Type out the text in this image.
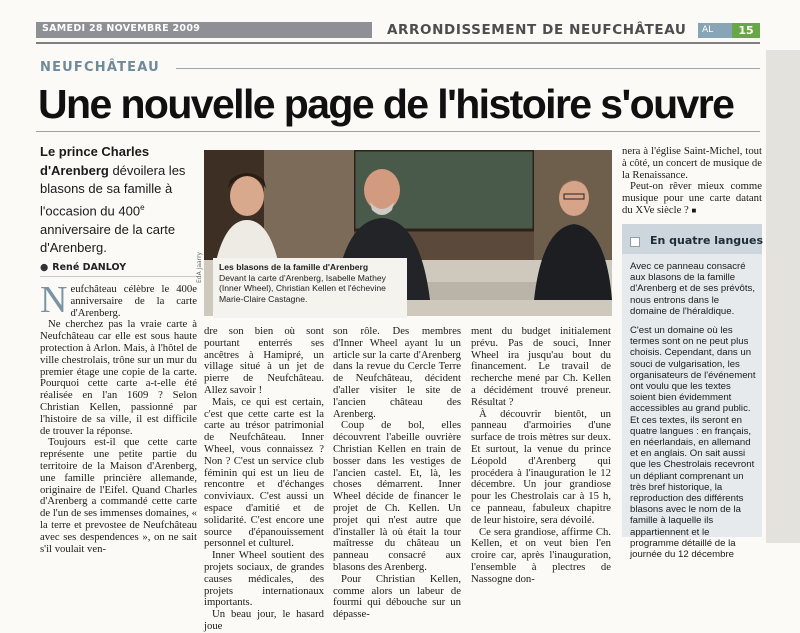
SAMEDI 28 NOVEMBRE 2009	ARRONDISSEMENT DE NEUFCHÂTEAU	AL	15
NEUFCHÂTEAU
Une nouvelle page de l'histoire s'ouvre
Le prince Charles d'Arenberg dévoilera les blasons de sa famille à l'occasion du 400e anniversaire de la carte d'Arenberg.
● René DANLOY	Les blasons de la famille d'Arenberg
Devant la carte d'Arenberg, Isabelle Mathey (Inner Wheel), Christian Kellen et l'échevine Marie-Claire Castagne.
EdA Jaarry

Neufchâteau célèbre le 400e anniversaire de la carte d'Arenberg.

Ne cherchez pas la vraie carte à Neufchâteau car elle est sous haute protection à Arlon. Mais, à l'hôtel de ville chestrolais, trône sur un mur du premier étage une copie de la carte. Pourquoi cette carte a-t-elle été réalisée en l'an 1609 ? Selon Christian Kellen, passionné par l'histoire de sa ville, il est difficile de trouver la réponse.

Toujours est-il que cette carte représente une petite partie du territoire de la Maison d'Arenberg, une famille princière allemande, originaire de l'Eifel. Quand Charles d'Arenberg a commandé cette carte de l'un de ses immenses domaines, « la terre et prevostee de Neufchâteau avec ses despendences », on ne sait s'il voulait ven-

dre son bien où sont pourtant enterrés ses ancêtres à Hamipré, un village situé à un jet de pierre de Neufchâteau. Allez savoir !

Mais, ce qui est certain, c'est que cette carte est la carte au trésor patrimonial de Neufchâteau. Inner Wheel, vous connaissez ? Non ? C'est un service club féminin qui est un lieu de rencontre et d'échanges conviviaux. C'est aussi un espace d'amitié et de solidarité. C'est encore une source d'épanouissement personnel et culturel.

Inner Wheel soutient des projets sociaux, de grandes causes médicales, des projets internationaux importants.

Un beau jour, le hasard joue

son rôle. Des membres d'Inner Wheel ayant lu un article sur la carte d'Arenberg dans la revue du Cercle Terre de Neufchâteau, décident d'aller visiter le site de l'ancien château des Arenberg.

Coup de bol, elles découvrent l'abeille ouvrière Christian Kellen en train de bosser dans les vestiges de l'ancien castel. Et, là, les choses démarrent. Inner Wheel décide de financer le projet de Ch. Kellen. Un projet qui n'est autre que d'installer là où était la tour maîtresse du château un panneau consacré aux blasons des Arenberg.

Pour Christian Kellen, comme alors un labeur de fourmi qui débouche sur un dépasse-

ment du budget initialement prévu. Pas de souci, Inner Wheel ira jusqu'au bout du financement. Le travail de recherche mené par Ch. Kellen a décidément trouvé preneur. Résultat ?

À découvrir bientôt, un panneau d'armoiries d'une surface de trois mètres sur deux. Et surtout, la venue du prince Léopold d'Arenberg qui procédera à l'inauguration le 12 décembre. Un jour grandiose pour les Chestrolais car à 15 h, ce panneau, fabuleux chapitre de leur histoire, sera dévoilé.

Ce sera grandiose, affirme Ch. Kellen, et on veut bien l'en croire car, après l'inauguration, l'ensemble à plectres de Nassogne don-

nera à l'église Saint-Michel, tout à côté, un concert de musique de la Renaissance.

Peut-on rêver mieux comme musique pour une carte datant du XVe siècle ? ■

En quatre langues

Avec ce panneau consacré aux blasons de la famille d'Arenberg et de ses prévôts, nous entrons dans le domaine de l'héraldique.

C'est un domaine où les termes sont on ne peut plus choisis. Cependant, dans un souci de vulgarisation, les organisateurs de l'événement ont voulu que les textes soient bien évidemment accessibles au grand public. Et ces textes, ils seront en quatre langues : en français, en néerlandais, en allemand et en anglais. On sait aussi que les Chestrolais recevront un dépliant comprenant un très bref historique, la reproduction des différents blasons avec le nom de la famille à laquelle ils appartiennent et le programme détaillé de la journée du 12 décembre
